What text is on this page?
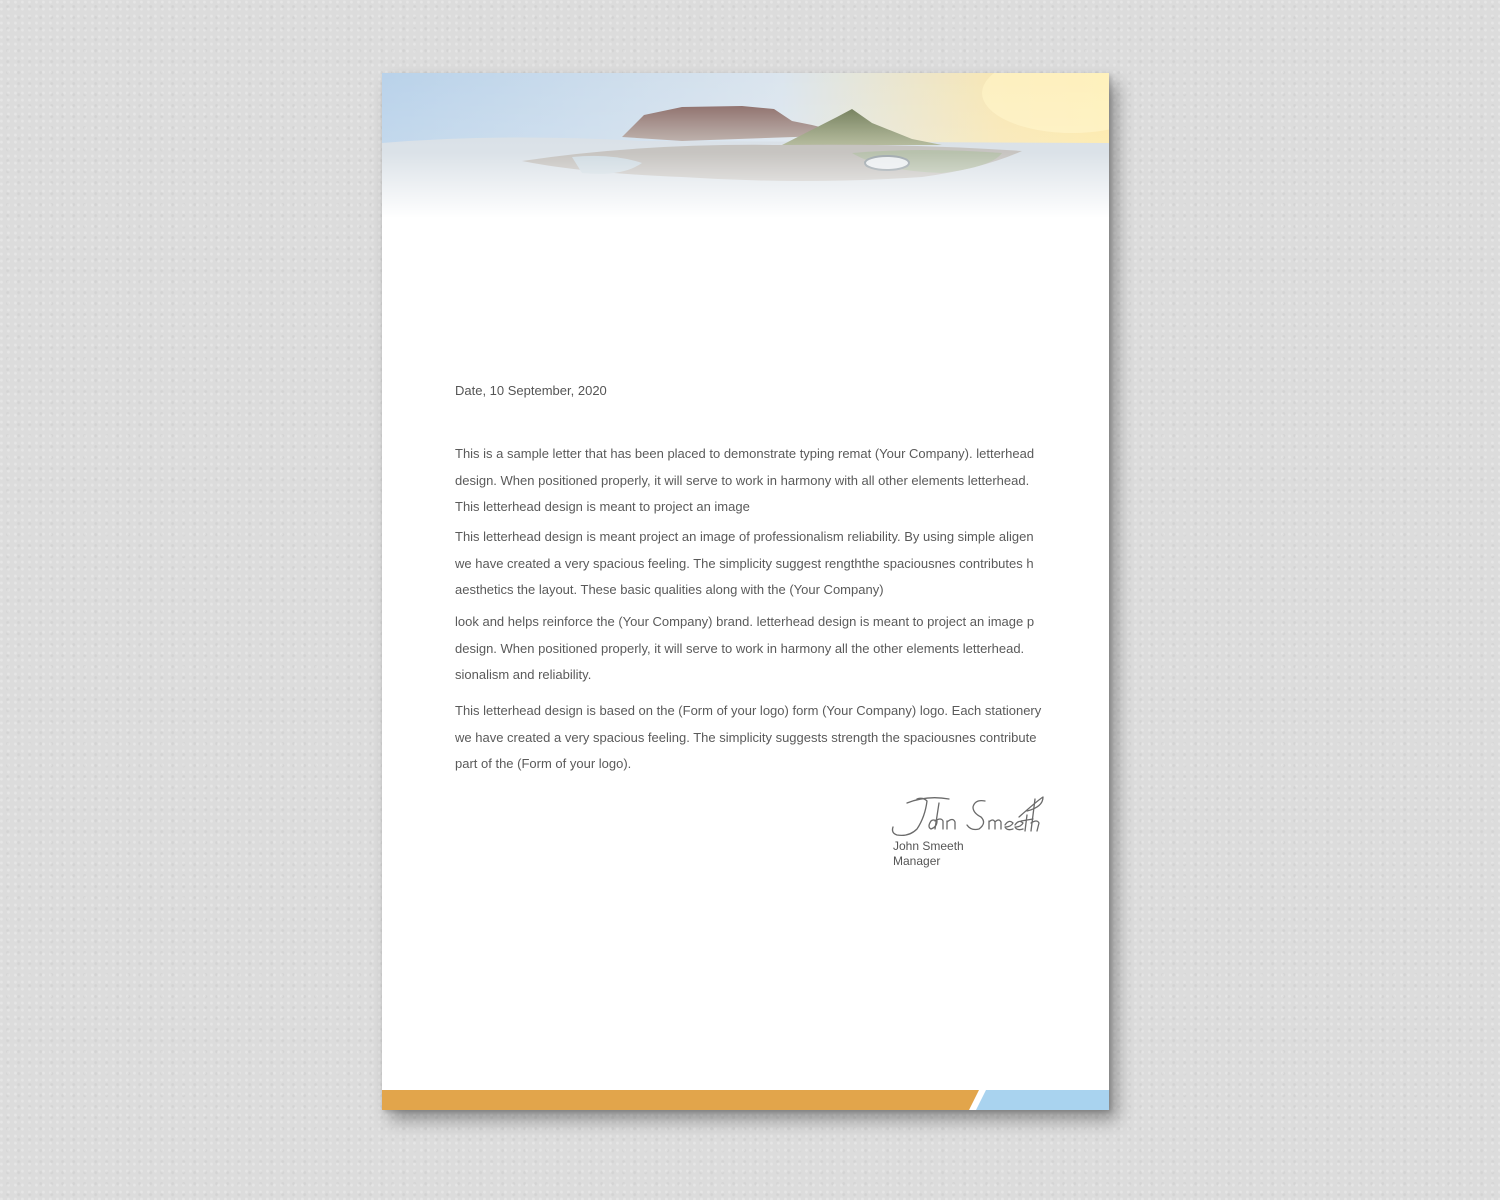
Date, 10 September, 2020
This is a sample letter that has been placed to demonstrate typing remat (Your Company). letterhead
design. When positioned properly, it will serve to work in harmony with all other elements letterhead.
This letterhead design is meant to project an image
This letterhead design is meant project an image of professionalism reliability. By using simple aligen
we have created a very spacious feeling. The simplicity suggest rengththe spaciousnes contributes h
aesthetics the layout. These basic qualities along with the (Your Company)
look and helps reinforce the (Your Company) brand. letterhead design is meant to project an image p
design. When positioned properly, it will serve to work in harmony all the other elements letterhead.
sionalism and reliability.
This letterhead design is based on the (Form of your logo) form (Your Company) logo. Each stationery
we have created a very spacious feeling. The simplicity suggests strength the spaciousnes contribute
part of the (Form of your logo).
John Smeeth
Manager
